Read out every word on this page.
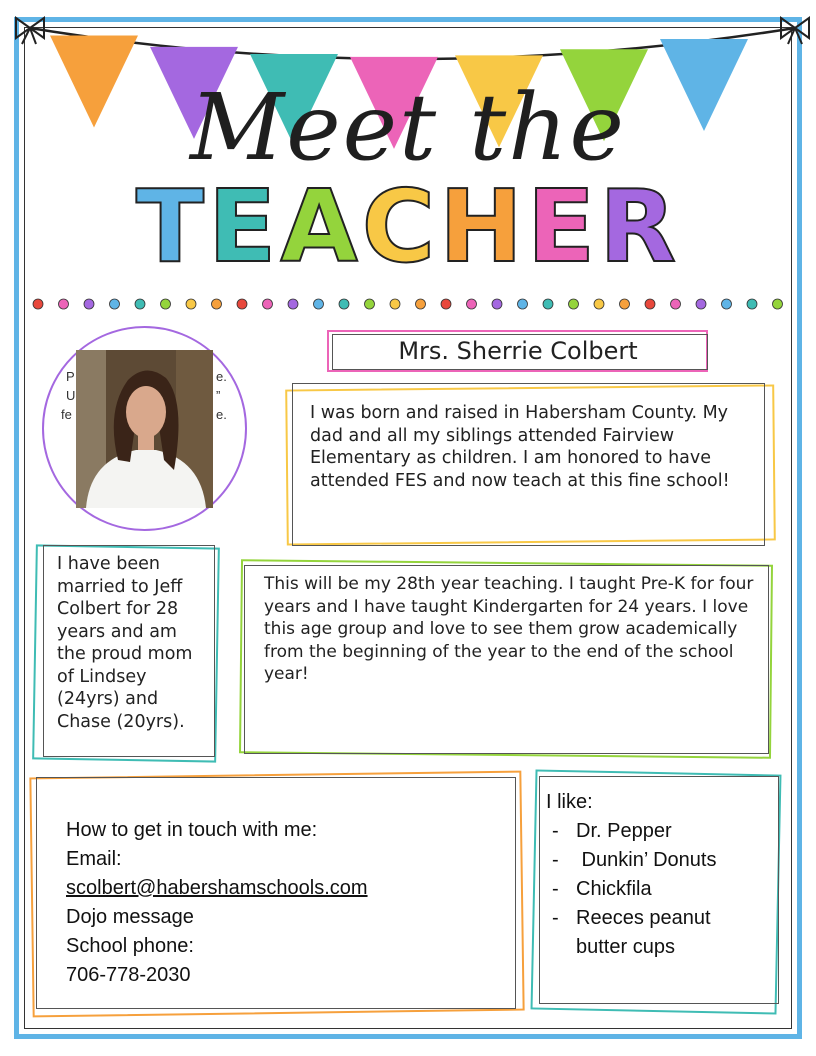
Meet the
TEACHER
P	e.
U	”
fe	e.
Mrs. Sherrie Colbert
I was born and raised in Habersham County. My dad and all my siblings attended Fairview Elementary as children. I am honored to have attended FES and now teach at this fine school!
I have been
married to Jeff
Colbert for 28
years and am
the proud mom
of Lindsey
(24yrs) and
Chase (20yrs).
This will be my 28th year teaching. I taught Pre-K for four years and I have taught Kindergarten for 24 years. I love this age group and love to see them grow academically from the beginning of the year to the end of the school year!
How to get in touch with me:
Email:
scolbert@habershamschools.com
Dojo message
School phone:
706-778-2030
I like:
- Dr. Pepper
-  Dunkin’ Donuts
- Chickfila
- Reeces peanut butter cups
